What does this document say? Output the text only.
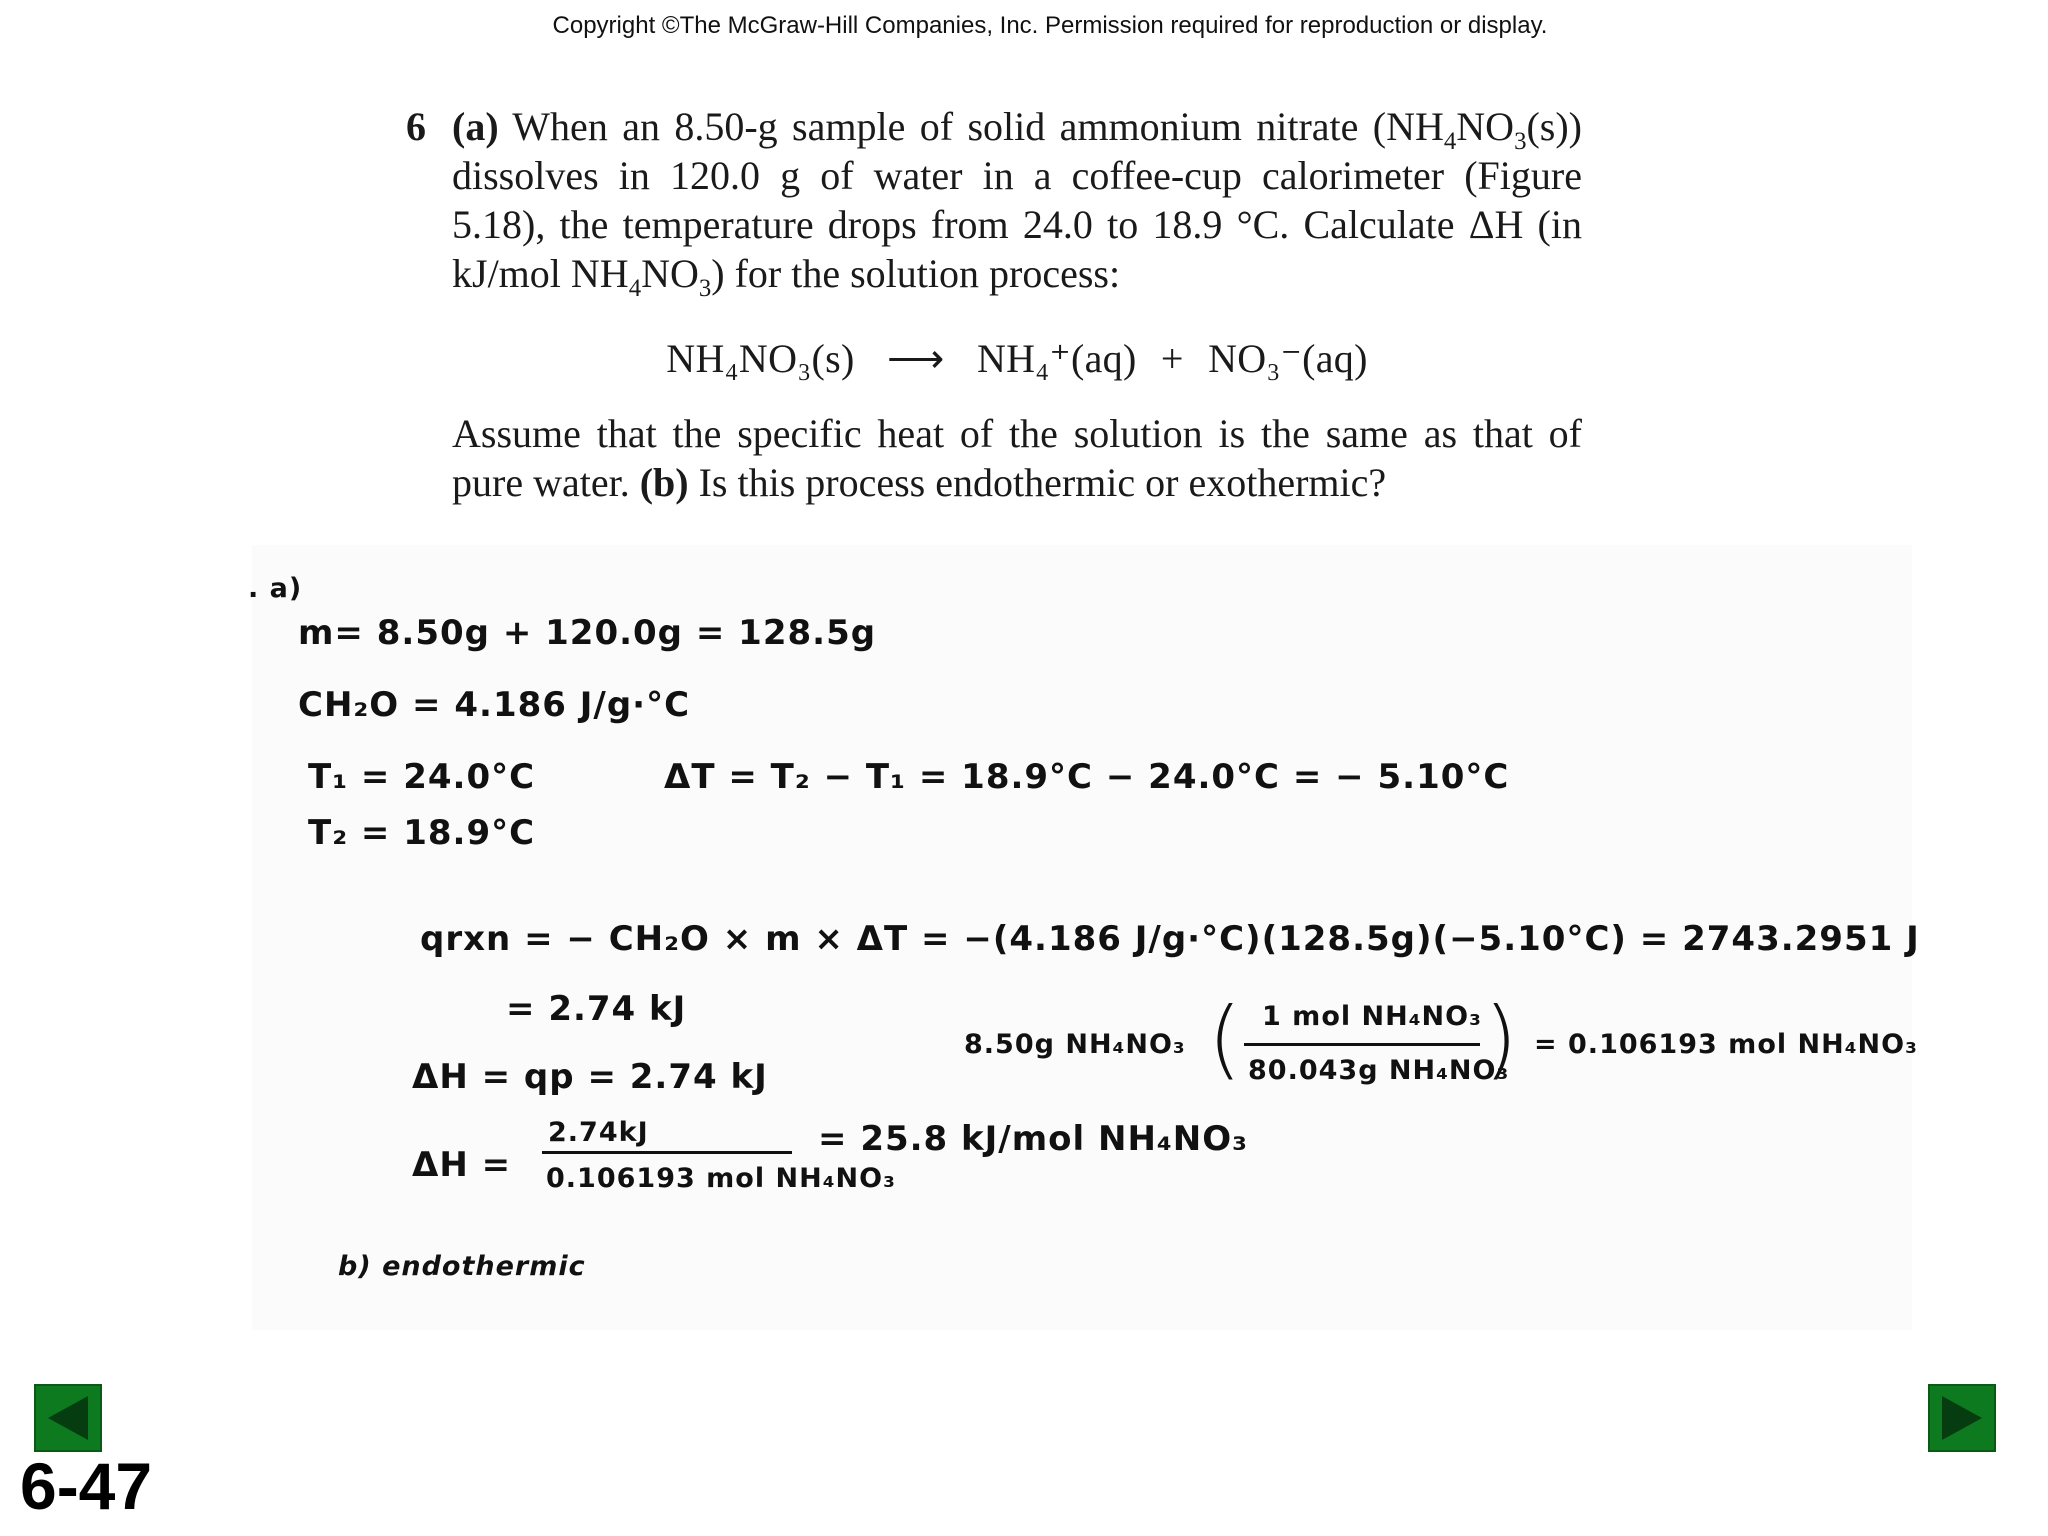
Copyright ©The McGraw-Hill Companies, Inc. Permission required for reproduction or display.
6 (a) When an 8.50-g sample of solid ammonium nitrate $(NH_4NO_3(s))$ dissolves in 120.0 g of water in a coffee-cup calorimeter (Figure 5.18), the temperature drops from 24.0 to 18.9 °C. Calculate ΔH (in kJ/mol $NH_4NO_3$) for the solution process:
NH₄NO₃(s) ⟶ NH₄⁺(aq) + NO₃⁻(aq)
Assume that the specific heat of the solution is the same as that of pure water. (b) Is this process endothermic or exothermic?
. a)
m= 8.50g + 120.0g = 128.5g
CH₂O = 4.186 J/g·°C
T₁ = 24.0°C	ΔT = T₂ − T₁ = 18.9°C − 24.0°C = − 5.10°C
T₂ = 18.9°C
qrxn = − CH₂O × m × ΔT = −(4.186 J/g·°C)(128.5g)(−5.10°C) = 2743.2951 J
= 2.74 kJ
8.50g NH₄NO₃ ( 1 mol NH₄NO₃
80.043g NH₄NO₃
) = 0.106193 mol NH₄NO₃
ΔH = qp = 2.74 kJ
ΔH =
2.74kJ
0.106193 mol NH₄NO₃
= 25.8 kJ/mol NH₄NO₃
b) endothermic
6-47
